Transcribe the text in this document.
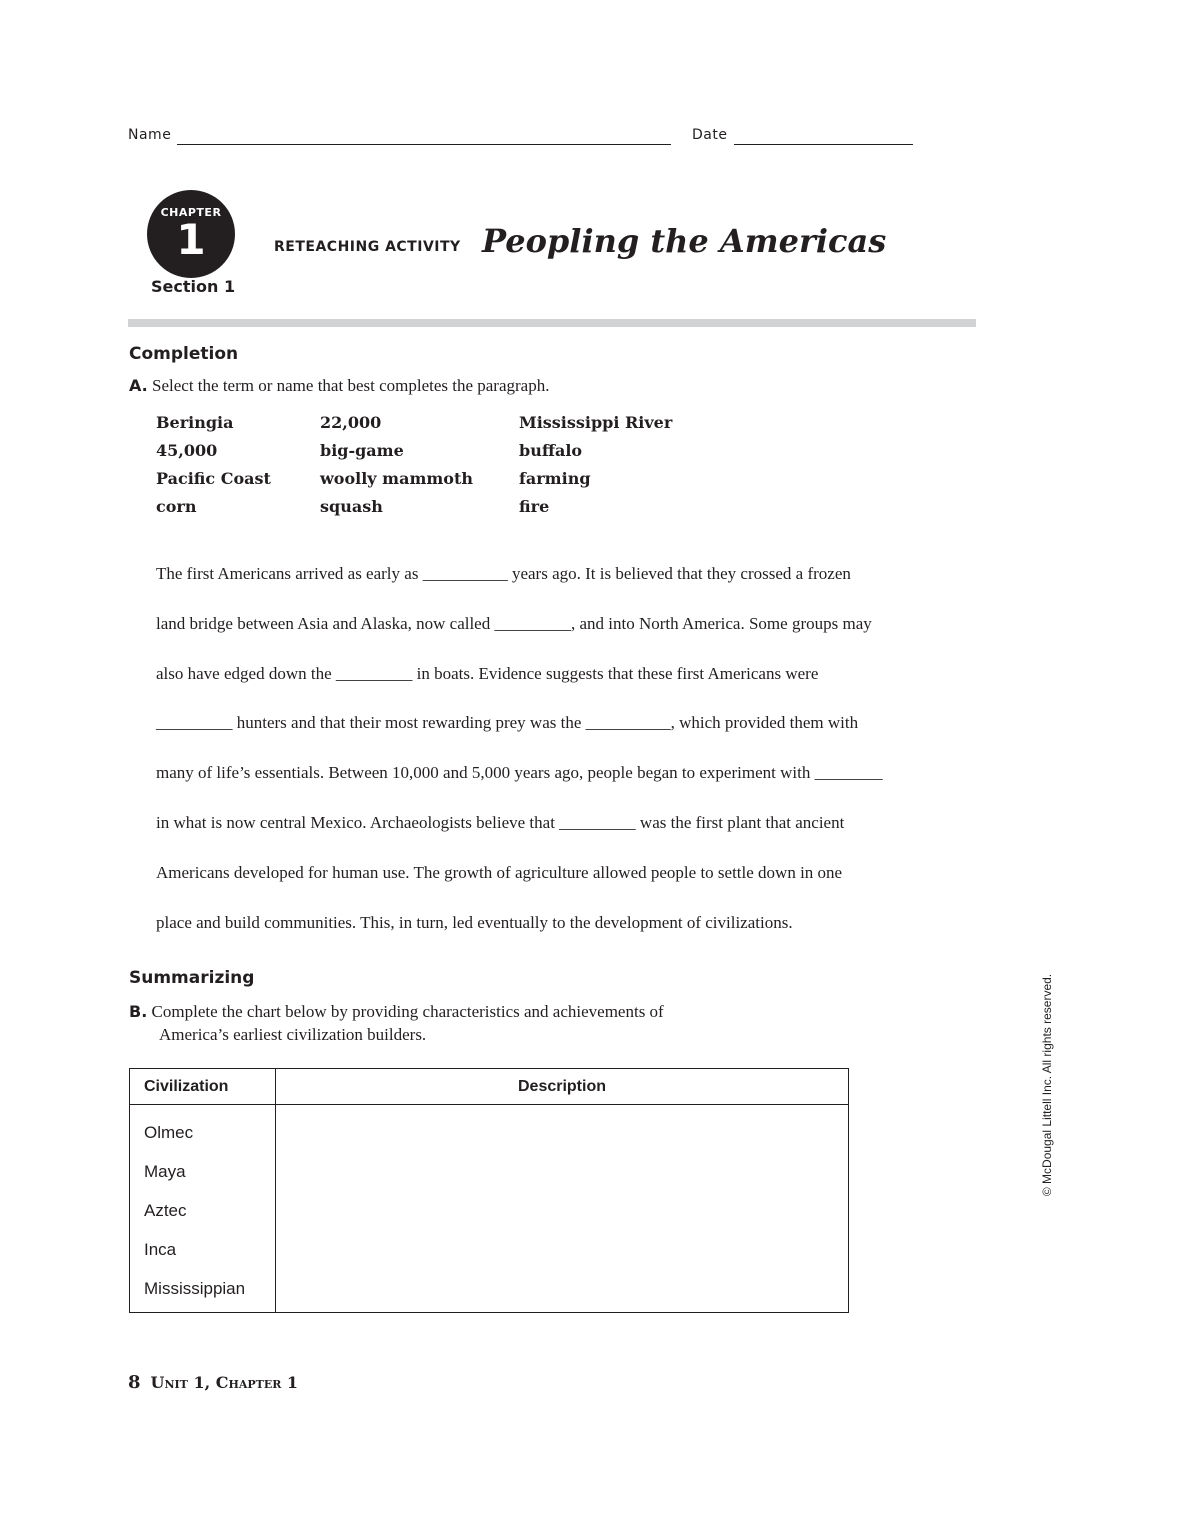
Name	Date
CHAPTER
1
Section 1
RETEACHING ACTIVITY Peopling the Americas
Completion
A. Select the term or name that best completes the paragraph.
Beringia	22,000	Mississippi River
45,000	big-game	buffalo
Pacific Coast	woolly mammoth	farming
corn	squash	fire
The first Americans arrived as early as __________ years ago. It is believed that they crossed a frozen
land bridge between Asia and Alaska, now called _________, and into North America. Some groups may
also have edged down the _________ in boats. Evidence suggests that these first Americans were
_________ hunters and that their most rewarding prey was the __________, which provided them with
many of life’s essentials. Between 10,000 and 5,000 years ago, people began to experiment with ________
in what is now central Mexico. Archaeologists believe that _________ was the first plant that ancient
Americans developed for human use. The growth of agriculture allowed people to settle down in one
place and build communities. This, in turn, led eventually to the development of civilizations.
Summarizing
B. Complete the chart below by providing characteristics and achievements of
America’s earliest civilization builders.
Civilization	Description
Olmec
Maya
Aztec
Inca
Mississippian
© McDougal Littell Inc. All rights reserved.
8 Unit 1, Chapter 1
